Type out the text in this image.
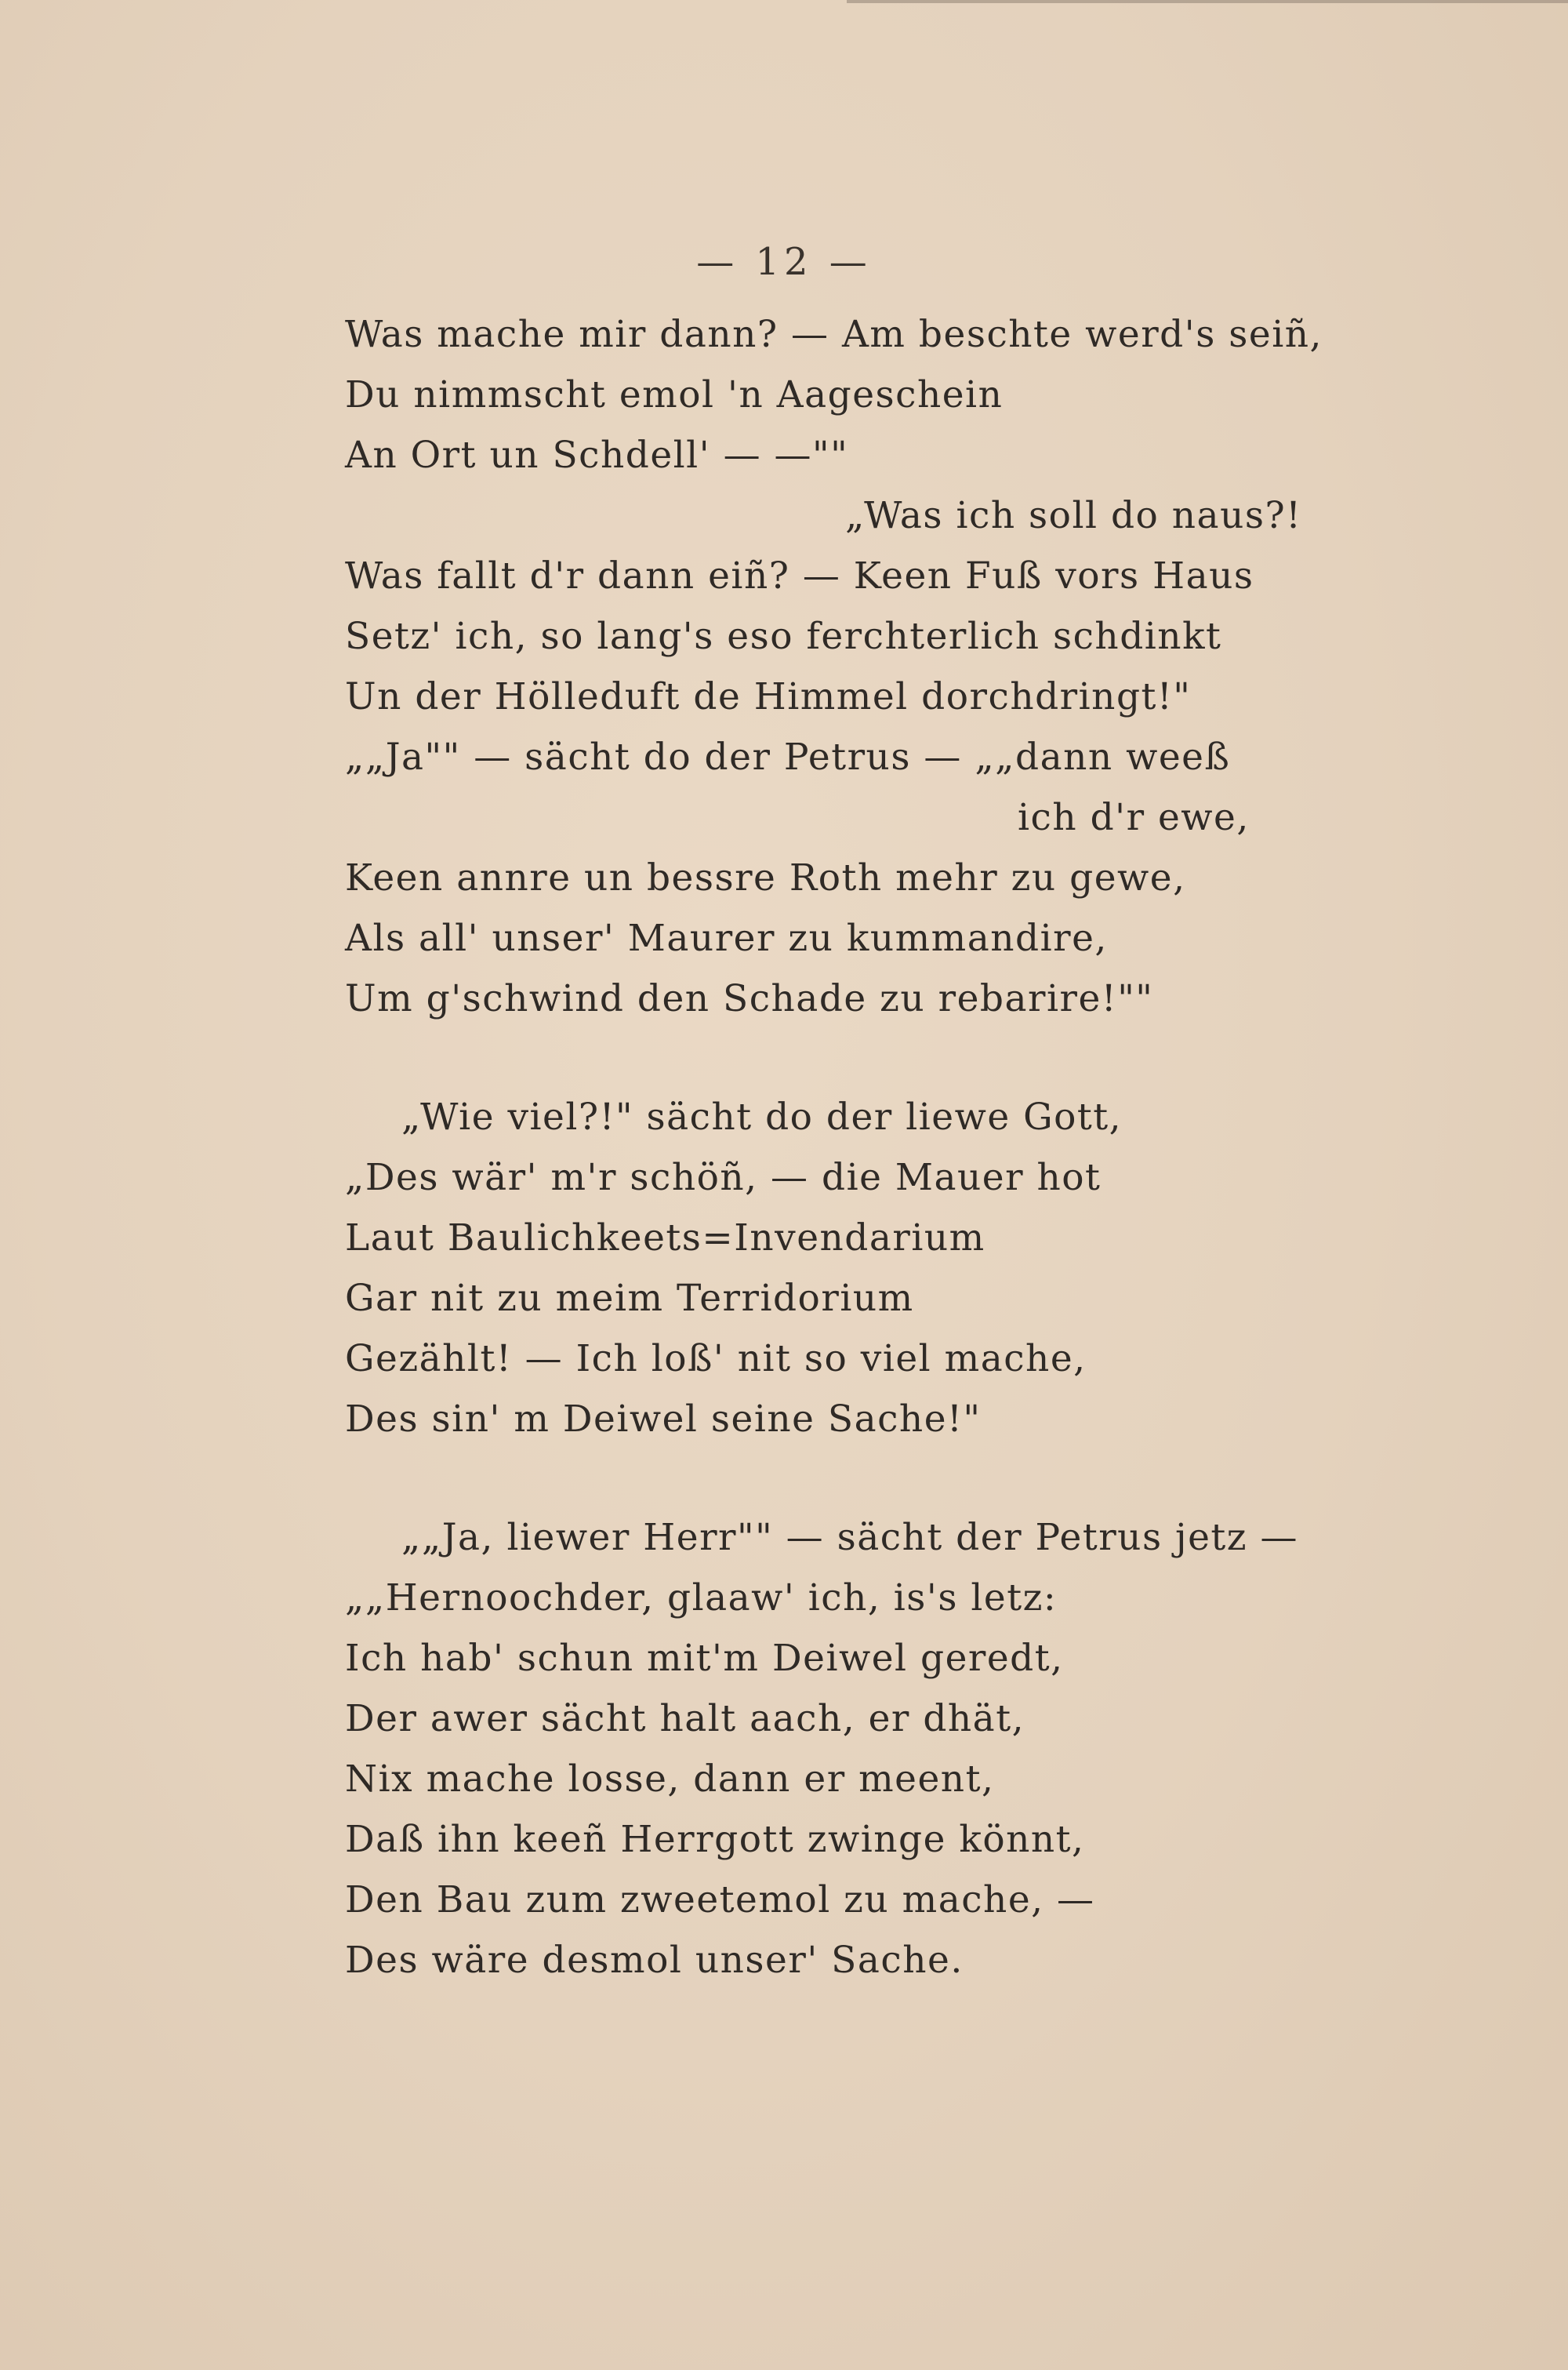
— 12 —
Was mache mir dann? — Am beschte werd's seiñ,
Du nimmscht emol 'n Aageschein
An Ort un Schdell' — —""
„Was ich soll do naus?!
Was fallt d'r dann eiñ? — Keen Fuß vors Haus
Setz' ich, so lang's eso ferchterlich schdinkt
Un der Hölleduft de Himmel dorchdringt!"
„„Ja"" — sächt do der Petrus — „„dann weeß
ich d'r ewe,
Keen annre un bessre Roth mehr zu gewe,
Als all' unser' Maurer zu kummandire,
Um g'schwind den Schade zu rebarire!""
„Wie viel?!" sächt do der liewe Gott,
„Des wär' m'r schöñ, — die Mauer hot
Laut Baulichkeets=Invendarium
Gar nit zu meim Terridorium
Gezählt! — Ich loß' nit so viel mache,
Des sin' m Deiwel seine Sache!"
„„Ja, liewer Herr"" — sächt der Petrus jetz —
„„Hernoochder, glaaw' ich, is's letz:
Ich hab' schun mit'm Deiwel geredt,
Der awer sächt halt aach, er dhät,
Nix mache losse, dann er meent,
Daß ihn keeñ Herrgott zwinge könnt,
Den Bau zum zweetemol zu mache, —
Des wäre desmol unser' Sache.
